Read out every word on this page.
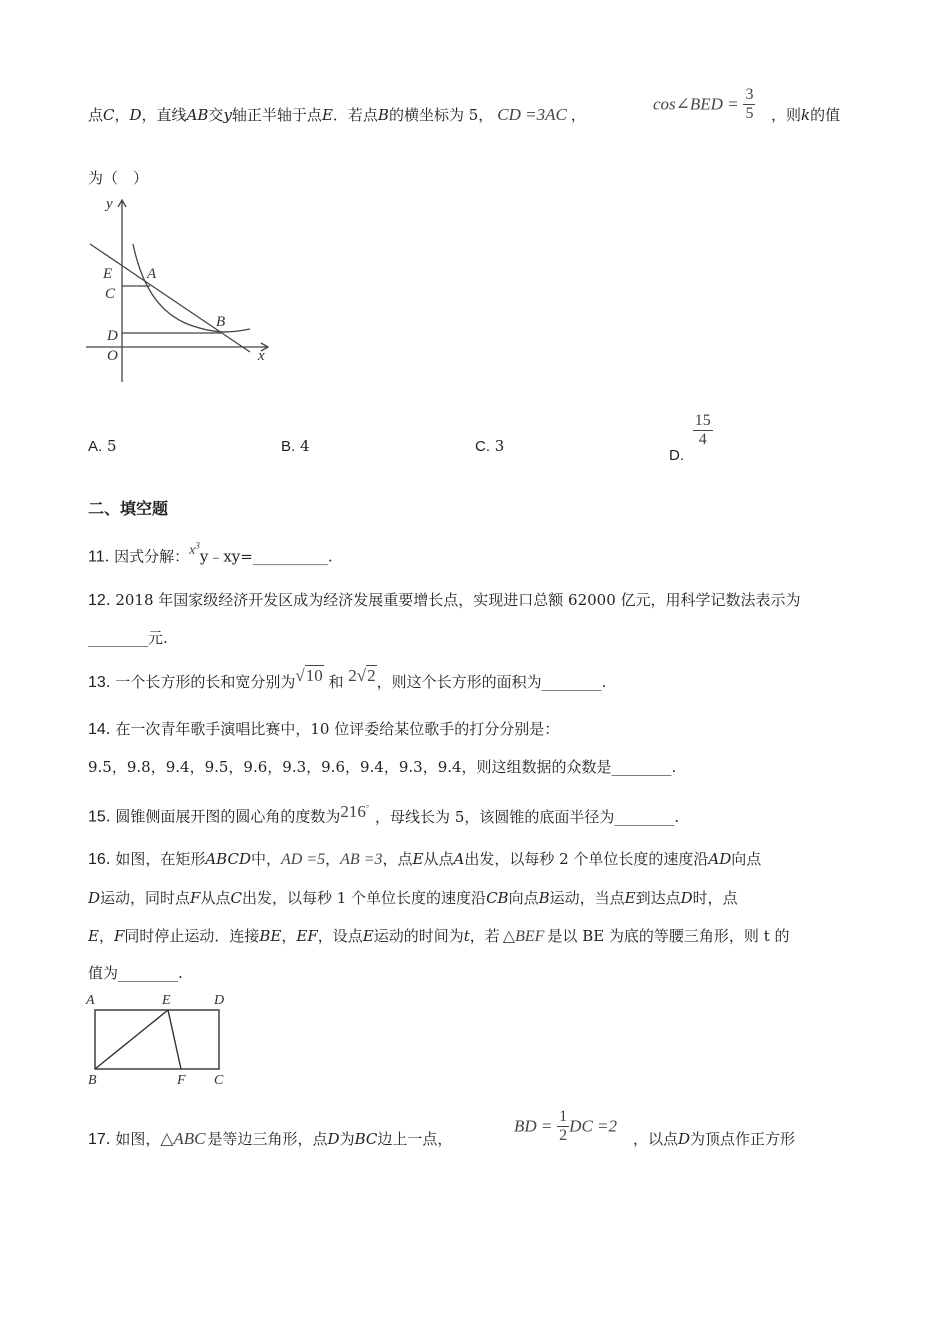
点C，D，直线AB交y轴正半轴于点E．若点B的横坐标为 5， CD =3AC ，
cos∠BED = $\frac{3}{5}$ ，则k的值
为（　）
y
x
E A
C
B
D
O
A. 5	B. 4	C. 3	D.
$\frac{15}{4}$
二、填空题
11. 因式分解：$x^3y﹣xy=\_\_\_\_\_\_\_\_\_\_$.
12. 2018 年国家级经济开发区成为经济发展重要增长点，实现进口总额 62000 亿元，用科学记数法表示为
________元.
13. 一个长方形的长和宽分别为√10 和 2√2，则这个长方形的面积为________.
14. 在一次青年歌手演唱比赛中，10 位评委给某位歌手的打分分别是：
9.5，9.8，9.4，9.5，9.6，9.3，9.6，9.4，9.3，9.4，则这组数据的众数是________.
15. 圆锥侧面展开图的圆心角的度数为216°，母线长为 5，该圆锥的底面半径为________.
16. 如图，在矩形ABCD中，AD =5，AB =3，点E从点A出发，以每秒 2 个单位长度的速度沿AD向点
D运动，同时点F从点C出发，以每秒 1 个单位长度的速度沿CB向点B运动，当点E到达点D时，点
E，F同时停止运动．连接BE，EF，设点E运动的时间为t，若 △BEF 是以 BE 为底的等腰三角形，则 t 的
值为________.
A	E	D
B	F C
17. 如图，△ABC 是等边三角形，点D为BC边上一点，
BD = $\frac{1}{2}$ DC =2
，以点D为顶点作正方形
